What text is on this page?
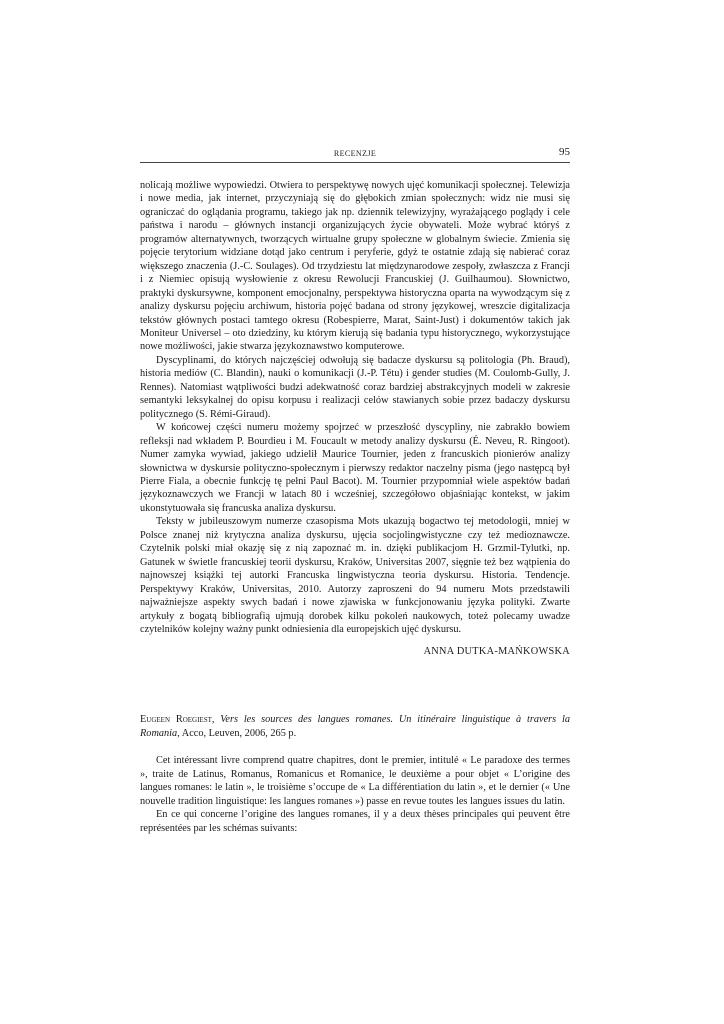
RECENZJE	95

nolicają możliwe wypowiedzi. Otwiera to perspektywę nowych ujęć komunikacji społecznej. Telewizja i nowe media, jak internet, przyczyniają się do głębokich zmian społecznych: widz nie musi się ograniczać do oglądania programu, takiego jak np. dziennik telewizyjny, wyrażającego poglądy i cele państwa i narodu – głównych instancji organizujących życie obywateli. Może wybrać któryś z programów alternatywnych, tworzących wirtualne grupy społeczne w globalnym świecie. Zmienia się pojęcie terytorium widziane dotąd jako centrum i peryferie, gdyż te ostatnie zdają się nabierać coraz większego znaczenia (J.-C. Soulages). Od trzydziestu lat międzynarodowe zespoły, zwłaszcza z Francji i z Niemiec opisują wysłowienie z okresu Rewolucji Francuskiej (J. Guilhaumou). Słownictwo, praktyki dyskursywne, komponent emocjonalny, perspektywa historyczna oparta na wywodzącym się z analizy dyskursu pojęciu archiwum, historia pojęć badana od strony językowej, wreszcie digitalizacja tekstów głównych postaci tamtego okresu (Robespierre, Marat, Saint-Just) i dokumentów takich jak Moniteur Universel – oto dziedziny, ku którym kierują się badania typu historycznego, wykorzystujące nowe możliwości, jakie stwarza językoznawstwo komputerowe.

Dyscyplinami, do których najczęściej odwołują się badacze dyskursu są politologia (Ph. Braud), historia mediów (C. Blandin), nauki o komunikacji (J.-P. Tétu) i gender studies (M. Coulomb-Gully, J. Rennes). Natomiast wątpliwości budzi adekwatność coraz bardziej abstrakcyjnych modeli w zakresie semantyki leksykalnej do opisu korpusu i realizacji celów stawianych sobie przez badaczy dyskursu politycznego (S. Rémi-Giraud).

W końcowej części numeru możemy spojrzeć w przeszłość dyscypliny, nie zabrakło bowiem refleksji nad wkładem P. Bourdieu i M. Foucault w metody analizy dyskursu (É. Neveu, R. Ringoot). Numer zamyka wywiad, jakiego udzielił Maurice Tournier, jeden z francuskich pionierów analizy słownictwa w dyskursie polityczno-społecznym i pierwszy redaktor naczelny pisma (jego następcą był Pierre Fiala, a obecnie funkcję tę pełni Paul Bacot). M. Tournier przypomniał wiele aspektów badań językoznawczych we Francji w latach 80 i wcześniej, szczegółowo objaśniając kontekst, w jakim ukonstytuowała się francuska analiza dyskursu.

Teksty w jubileuszowym numerze czasopisma Mots ukazują bogactwo tej metodologii, mniej w Polsce znanej niż krytyczna analiza dyskursu, ujęcia socjolingwistyczne czy też medioznawcze. Czytelnik polski miał okazję się z nią zapoznać m. in. dzięki publikacjom H. Grzmil-Tylutki, np. Gatunek w świetle francuskiej teorii dyskursu, Kraków, Universitas 2007, sięgnie też bez wątpienia do najnowszej książki tej autorki Francuska lingwistyczna teoria dyskursu. Historia. Tendencje. Perspektywy Kraków, Universitas, 2010. Autorzy zaproszeni do 94 numeru Mots przedstawili najważniejsze aspekty swych badań i nowe zjawiska w funkcjonowaniu języka polityki. Zwarte artykuły z bogatą bibliografią ujmują dorobek kilku pokoleń naukowych, toteż polecamy uwadze czytelników kolejny ważny punkt odniesienia dla europejskich ujęć dyskursu.

ANNA DUTKA-MAŃKOWSKA

Eugeen Roegiest, Vers les sources des langues romanes. Un itinéraire linguistique à travers la Romania, Acco, Leuven, 2006, 265 p.

Cet intéressant livre comprend quatre chapitres, dont le premier, intitulé « Le paradoxe des termes », traite de Latinus, Romanus, Romanicus et Romanice, le deuxième a pour objet « L’origine des langues romanes: le latin », le troisième s’occupe de « La différentiation du latin », et le dernier (« Une nouvelle tradition linguistique: les langues romanes ») passe en revue toutes les langues issues du latin.

En ce qui concerne l’origine des langues romanes, il y a deux thèses principales qui peuvent être représentées par les schémas suivants:
